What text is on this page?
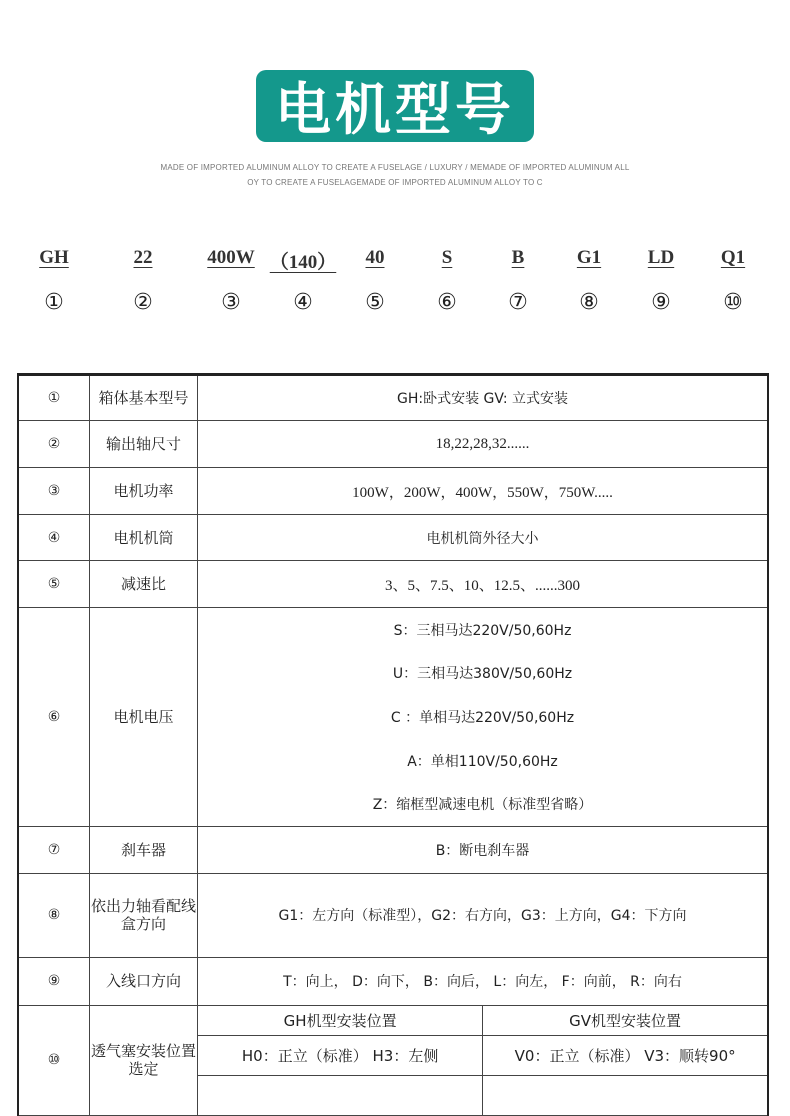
电机型号
MADE OF IMPORTED ALUMINUM ALLOY TO CREATE A FUSELAGE / LUXURY / MEMADE OF IMPORTED ALUMINUM ALL
OY TO CREATE A FUSELAGEMADE OF IMPORTED ALUMINUM ALLOY TO C
GH	22	400W （140） 40	S	B	G1 LD Q1
①	②	③ ④ ⑤ ⑥ ⑦ ⑧ ⑨ ⑩
①	箱体基本型号	GH:卧式安装 GV: 立式安装	
②	输出轴尺寸	18,22,28,32......	
③	电机功率	100W，200W，400W，550W，750W.....	
④	电机机筒	电机机筒外径大小	
⑤	减速比	3、5、7.5、10、12.5、......300	
⑥	电机电压	S：三相马达220V/50,60Hz
U：三相马达380V/50,60Hz
C ：单相马达220V/50,60Hz
A：单相110V/50,60Hz
Z：缩框型减速电机（标准型省略）	

⑦	刹车器	B：断电刹车器	
⑧	依出力轴看配线盒方向	G1：左方向（标准型），G2：右方向，G3：上方向，G4：下方向	
⑨	入线口方向	T：向上， D：向下， B：向后， L：向左， F：向前， R：向右	
⑩	透气塞安装位置选定	GH机型安装位置	GV机型安装位置
		H0：正立（标准） H3：左侧	V0：正立（标准） V3：顺转90°
